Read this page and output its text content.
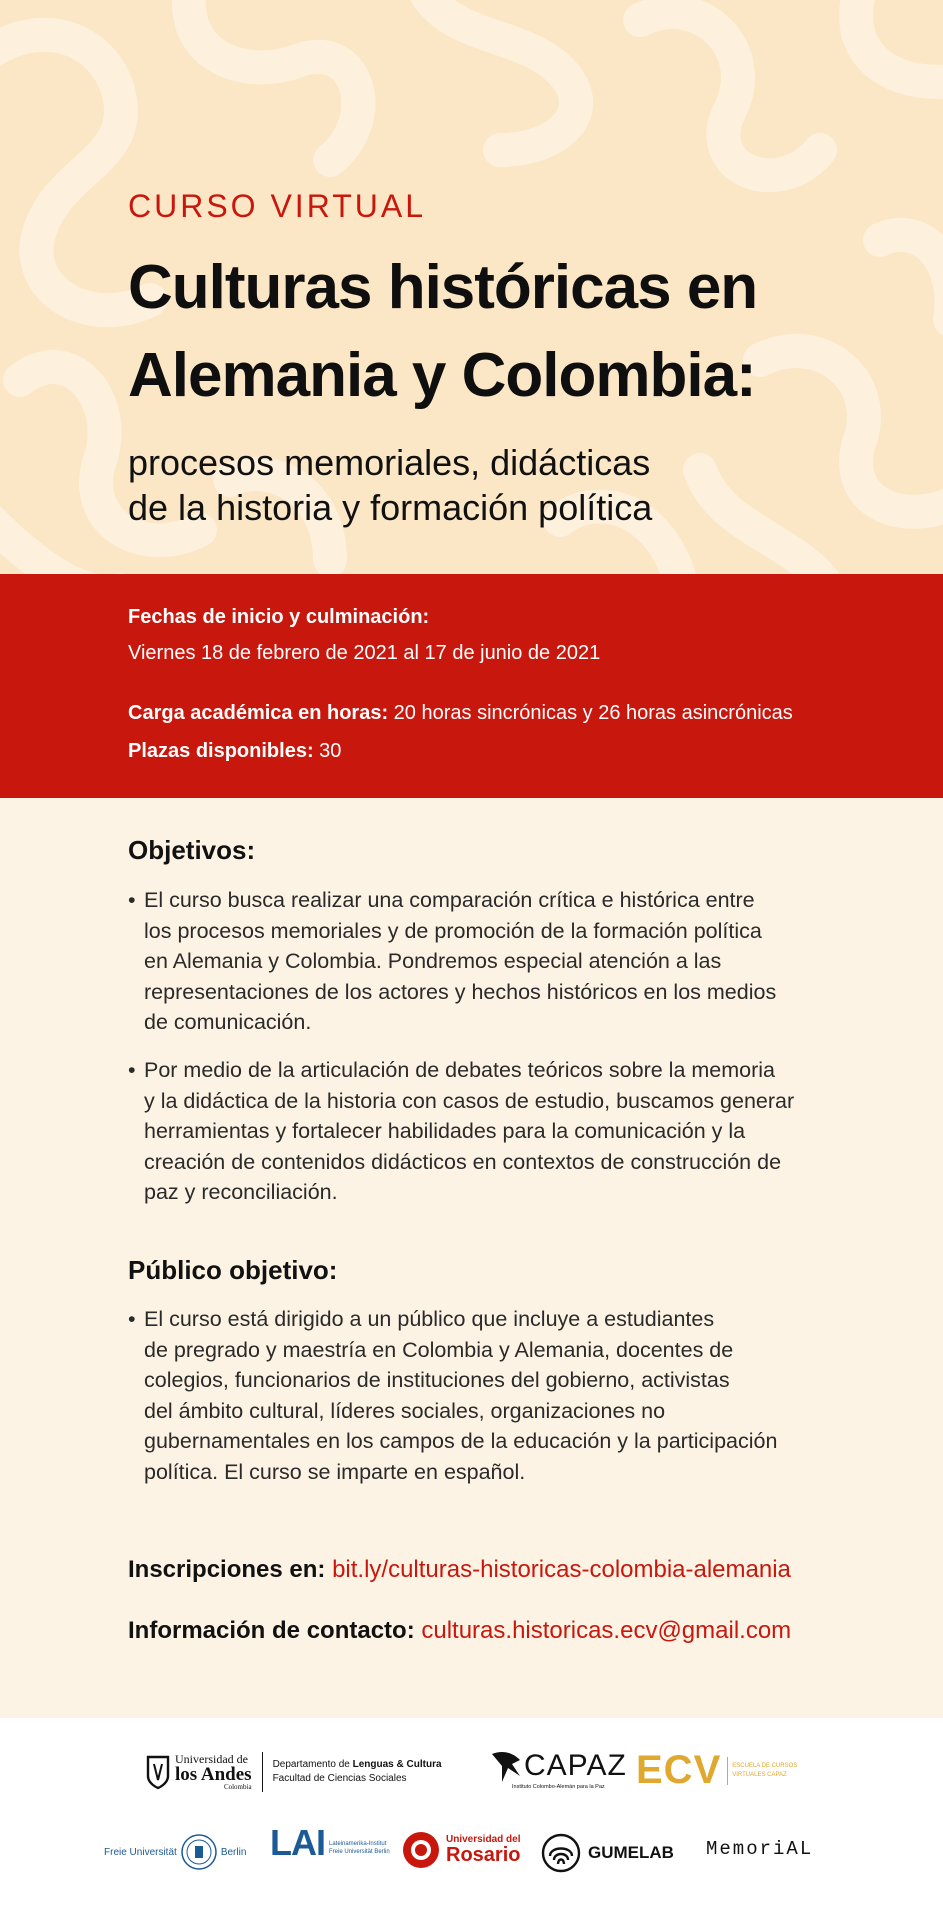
CURSO VIRTUAL
Culturas históricas en
Alemania y Colombia:
procesos memoriales, didácticas
de la historia y formación política
Fechas de inicio y culminación:
Viernes 18 de febrero de 2021 al 17 de junio de 2021
Carga académica en horas: 20 horas sincrónicas y 26 horas asincrónicas
Plazas disponibles: 30
Objetivos:
• El curso busca realizar una comparación crítica e histórica entre
los procesos memoriales y de promoción de la formación política
en Alemania y Colombia. Pondremos especial atención a las
representaciones de los actores y hechos históricos en los medios
de comunicación.
• Por medio de la articulación de debates teóricos sobre la memoria
y la didáctica de la historia con casos de estudio, buscamos generar
herramientas y fortalecer habilidades para la comunicación y la
creación de contenidos didácticos en contextos de construcción de
paz y reconciliación.
Público objetivo:
• El curso está dirigido a un público que incluye a estudiantes
de pregrado y maestría en Colombia y Alemania, docentes de
colegios, funcionarios de instituciones del gobierno, activistas
del ámbito cultural, líderes sociales, organizaciones no
gubernamentales en los campos de la educación y la participación
política. El curso se imparte en español.
Inscripciones en: bit.ly/culturas-historicas-colombia-alemania
Información de contacto: culturas.historicas.ecv@gmail.com
Universidad de
los Andes
Colombia
Departamento de Lenguas & Cultura
Facultad de Ciencias Sociales	CAPAZ
Instituto Colombo-Alemán para la Paz ECV ESCUELA DE CURSOS
VIRTUALES CAPAZ
Freie Universität	Berlin LAI Lateinamerika-Institut
Freie Universität Berlin
Universidad del
Rosario	GUMELAB MemoriAL
